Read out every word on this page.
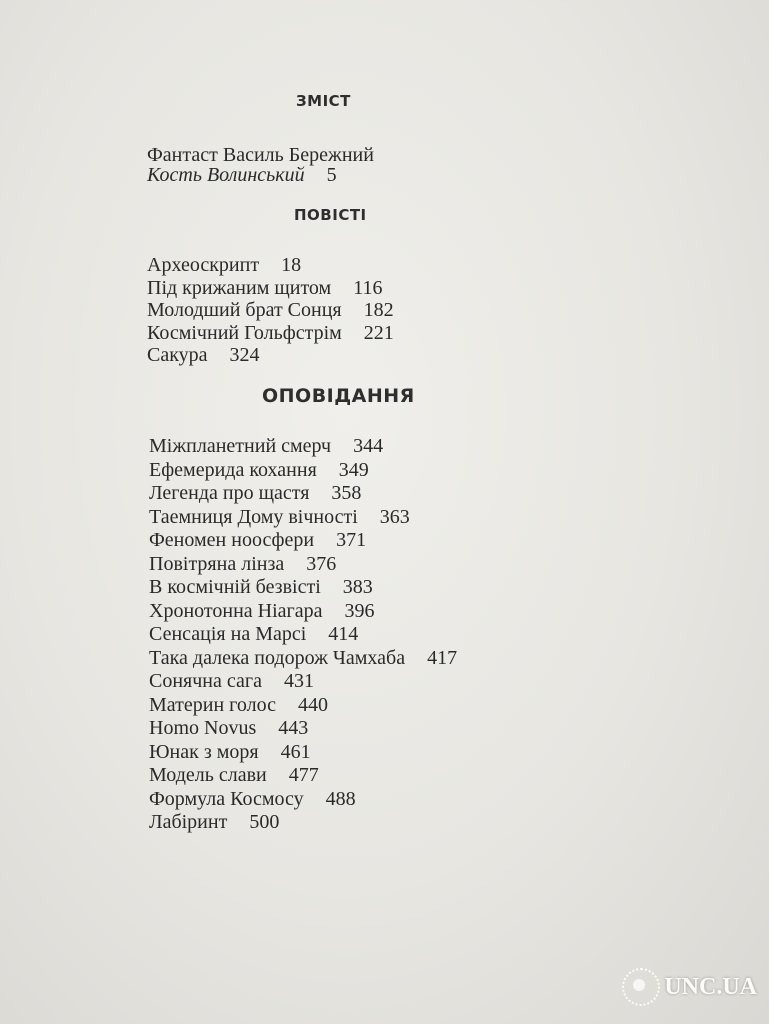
ЗМІСТ
Фантаст Василь Бережний
Кость Волинський 5
ПОВІСТІ
Археоскрипт 18
Під крижаним щитом 116
Молодший брат Сонця 182
Космічний Гольфстрім 221
Сакура 324
ОПОВІДАННЯ
Міжпланетний смерч 344
Ефемерида кохання 349
Легенда про щастя 358
Таемниця Дому вічності 363
Феномен ноосфери 371
Повітряна лінза 376
В космічній безвісті 383
Хронотонна Ніагара 396
Сенсація на Марсі 414
Така далека подорож Чамхаба 417
Сонячна сага 431
Материн голос 440
Homo Novus 443
Юнак з моря 461
Модель слави 477
Формула Космосу 488
Лабіринт 500
UNC.UA
